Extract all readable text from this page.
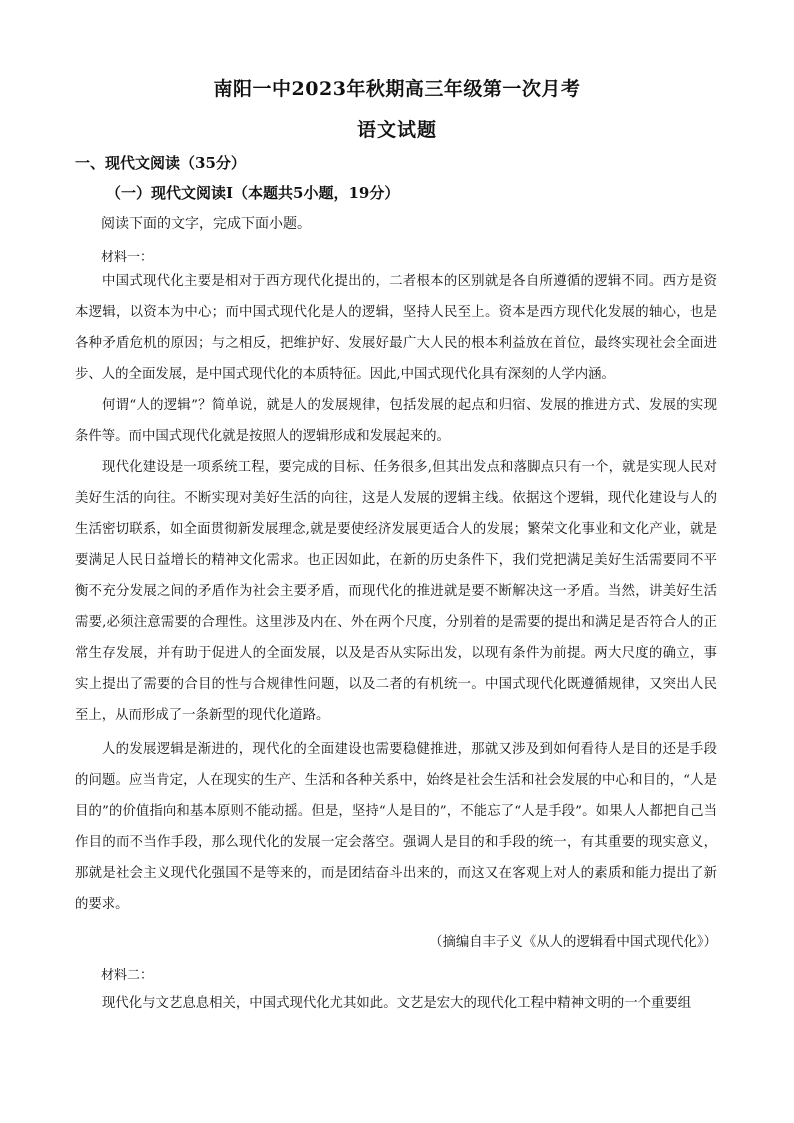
南阳一中2023年秋期高三年级第一次月考
语文试题
一、现代文阅读（35分）
（一）现代文阅读Ⅰ（本题共5小题，19分）
阅读下面的文字，完成下面小题。
材料一：

中国式现代化主要是相对于西方现代化提出的，二者根本的区别就是各自所遵循的逻辑不同。西方是资本逻辑，以资本为中心；而中国式现代化是人的逻辑，坚持人民至上。资本是西方现代化发展的轴心，也是各种矛盾危机的原因；与之相反，把维护好、发展好最广大人民的根本利益放在首位，最终实现社会全面进步、人的全面发展，是中国式现代化的本质特征。因此,中国式现代化具有深刻的人学内涵。

何谓“人的逻辑”？简单说，就是人的发展规律，包括发展的起点和归宿、发展的推进方式、发展的实现条件等。而中国式现代化就是按照人的逻辑形成和发展起来的。

现代化建设是一项系统工程，要完成的目标、任务很多,但其出发点和落脚点只有一个，就是实现人民对美好生活的向往。不断实现对美好生活的向往，这是人发展的逻辑主线。依据这个逻辑，现代化建设与人的生活密切联系，如全面贯彻新发展理念,就是要使经济发展更适合人的发展；繁荣文化事业和文化产业，就是要满足人民日益增长的精神文化需求。也正因如此，在新的历史条件下，我们党把满足美好生活需要同不平衡不充分发展之间的矛盾作为社会主要矛盾，而现代化的推进就是要不断解决这一矛盾。当然，讲美好生活需要,必须注意需要的合理性。这里涉及内在、外在两个尺度，分别着的是需要的提出和满足是否符合人的正常生存发展，并有助于促进人的全面发展，以及是否从实际出发，以现有条件为前提。两大尺度的确立，事实上提出了需要的合目的性与合规律性问题，以及二者的有机统一。中国式现代化既遵循规律，又突出人民至上，从而形成了一条新型的现代化道路。

人的发展逻辑是渐进的，现代化的全面建设也需要稳健推进，那就又涉及到如何看待人是目的还是手段的问题。应当肯定，人在现实的生产、生活和各种关系中，始终是社会生活和社会发展的中心和目的，“人是目的”的价值指向和基本原则不能动摇。但是，坚持“人是目的”，不能忘了“人是手段”。如果人人都把自己当作目的而不当作手段，那么现代化的发展一定会落空。强调人是目的和手段的统一，有其重要的现实意义，那就是社会主义现代化强国不是等来的，而是团结奋斗出来的，而这又在客观上对人的素质和能力提出了新的要求。

（摘编自丰子义《从人的逻辑看中国式现代化》）
材料二：

现代化与文艺息息相关，中国式现代化尤其如此。文艺是宏大的现代化工程中精神文明的一个重要组
